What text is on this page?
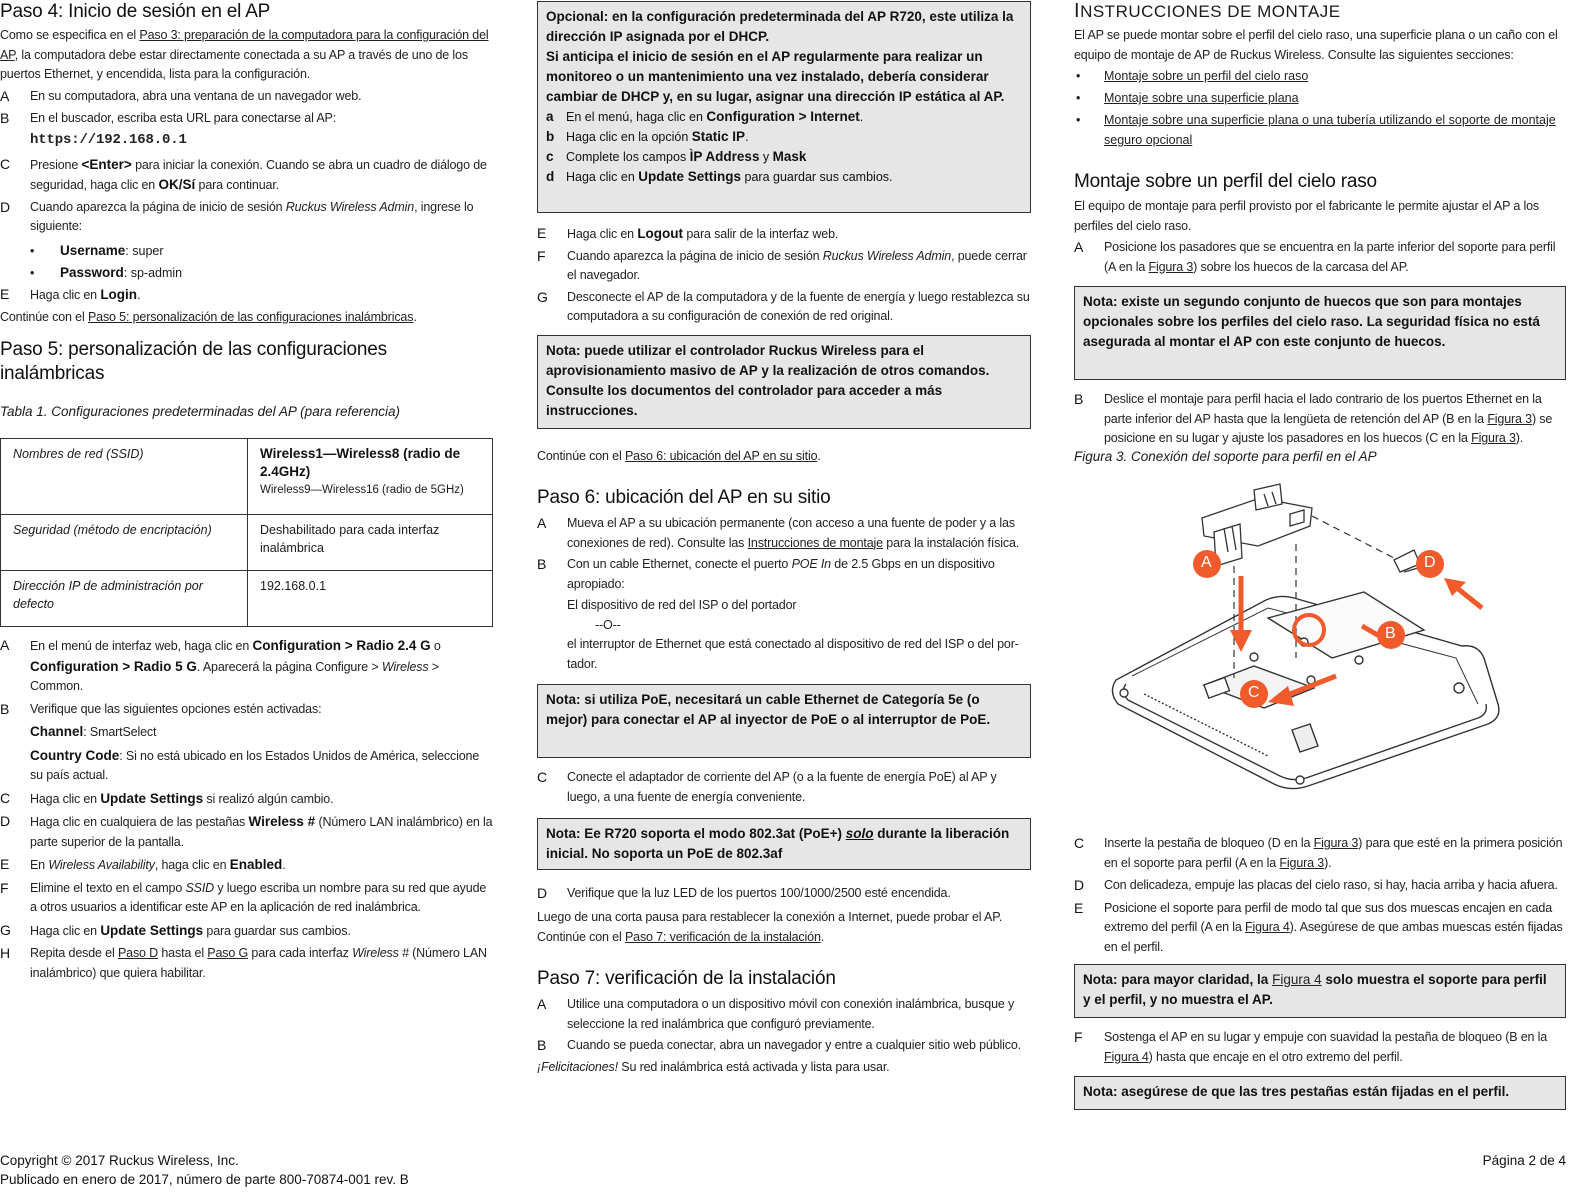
Paso 4: Inicio de sesión en el AP

Como se especifica en el Paso 3: preparación de la computadora para la configuración del AP, la computadora debe estar directamente conectada a su AP a través de uno de los puertos Ethernet, y encendida, lista para la configuración.

A En su computadora, abra una ventana de un navegador web.

B En el buscador, escriba esta URL para conectarse al AP:

https://192.168.0.1

C Presione <Enter> para iniciar la conexión. Cuando se abra un cuadro de diálogo de seguridad, haga clic en OK/Sí para continuar.

D Cuando aparezca la página de inicio de sesión Ruckus Wireless Admin, ingrese lo siguiente:

• Username: super

• Password: sp-admin

E Haga clic en Login.

Continúe con el Paso 5: personalización de las configuraciones inalámbricas.

Paso 5: personalización de las configuraciones inalámbricas

Tabla 1. Configuraciones predeterminadas del AP (para referencia)

Nombres de red (SSID)	Wireless1—Wireless8 (radio de 2.4GHz)
Wireless9—Wireless16 (radio de 5GHz)

Seguridad (método de encriptación)	Deshabilitado para cada interfaz inalámbrica
Dirección IP de administración por defecto	192.168.0.1

A En el menú de interfaz web, haga clic en Configuration > Radio 2.4 G o Configuration > Radio 5 G. Aparecerá la página Configure > Wireless > Common.

B Verifique que las siguientes opciones estén activadas:

Channel: SmartSelect

Country Code: Si no está ubicado en los Estados Unidos de América, seleccione su país actual.

C Haga clic en Update Settings si realizó algún cambio.

D Haga clic en cualquiera de las pestañas Wireless # (Número LAN inalámbrico) en la parte superior de la pantalla.

E En Wireless Availability, haga clic en Enabled.

F Elimine el texto en el campo SSID y luego escriba un nombre para su red que ayude a otros usuarios a identificar este AP en la aplicación de red inalámbrica.

G Haga clic en Update Settings para guardar sus cambios.

H Repita desde el Paso D hasta el Paso G para cada interfaz Wireless # (Número LAN inalámbrico) que quiera habilitar.

Opcional: en la configuración predeterminada del AP R720, este utiliza la dirección IP asignada por el DHCP.
Si anticipa el inicio de sesión en el AP regularmente para realizar un monitoreo o un mantenimiento una vez instalado, debería considerar cambiar de DHCP y, en su lugar, asignar una dirección IP estática al AP.
a En el menú, haga clic en Configuration > Internet.
b Haga clic en la opción Static IP.
c Complete los campos ÌP Address y Mask
d Haga clic en Update Settings para guardar sus cambios.

E Haga clic en Logout para salir de la interfaz web.

F Cuando aparezca la página de inicio de sesión Ruckus Wireless Admin, puede cerrar el navegador.

G Desconecte el AP de la computadora y de la fuente de energía y luego restablezca su computadora a su configuración de conexión de red original.

Nota: puede utilizar el controlador Ruckus Wireless para el aprovisionamiento masivo de AP y la realización de otros comandos. Consulte los documentos del controlador para acceder a más instrucciones.

Continúe con el Paso 6: ubicación del AP en su sitio.

Paso 6: ubicación del AP en su sitio

A Mueva el AP a su ubicación permanente (con acceso a una fuente de poder y a las conexiones de red). Consulte las Instrucciones de montaje para la instalación física.

B Con un cable Ethernet, conecte el puerto POE In de 2.5 Gbps en un dispositivo apropiado:

El dispositivo de red del ISP o del portador

--O--

el interruptor de Ethernet que está conectado al dispositivo de red del ISP o del por-tador.

Nota: si utiliza PoE, necesitará un cable Ethernet de Categoría 5e (o mejor) para conectar el AP al inyector de PoE o al interruptor de PoE.

C Conecte el adaptador de corriente del AP (o a la fuente de energía PoE) al AP y luego, a una fuente de energía conveniente.

Nota: Ee R720 soporta el modo 802.3at (PoE+) solo durante la liberación inicial. No soporta un PoE de 802.3af

D Verifique que la luz LED de los puertos 100/1000/2500 esté encendida.

Luego de una corta pausa para restablecer la conexión a Internet, puede probar el AP. Continúe con el Paso 7: verificación de la instalación.

Paso 7: verificación de la instalación

A Utilice una computadora o un dispositivo móvil con conexión inalámbrica, busque y seleccione la red inalámbrica que configuró previamente.

B Cuando se pueda conectar, abra un navegador y entre a cualquier sitio web público.

¡Felicitaciones! Su red inalámbrica está activada y lista para usar.

INSTRUCCIONES DE MONTAJE

El AP se puede montar sobre el perfil del cielo raso, una superficie plana o un caño con el equipo de montaje de AP de Ruckus Wireless. Consulte las siguientes secciones:

• Montaje sobre un perfil del cielo raso

• Montaje sobre una superficie plana

• Montaje sobre una superficie plana o una tubería utilizando el soporte de montaje seguro opcional

Montaje sobre un perfil del cielo raso

El equipo de montaje para perfil provisto por el fabricante le permite ajustar el AP a los perfiles del cielo raso.

A Posicione los pasadores que se encuentra en la parte inferior del soporte para perfil (A en la Figura 3) sobre los huecos de la carcasa del AP.

Nota: existe un segundo conjunto de huecos que son para montajes opcionales sobre los perfiles del cielo raso. La seguridad física no está asegurada al montar el AP con este conjunto de huecos.

B Deslice el montaje para perfil hacia el lado contrario de los puertos Ethernet en la parte inferior del AP hasta que la lengüeta de retención del AP (B en la Figura 3) se posicione en su lugar y ajuste los pasadores en los huecos (C en la Figura 3).

Figura 3. Conexión del soporte para perfil en el AP

A	D
B
C

C Inserte la pestaña de bloqueo (D en la Figura 3) para que esté en la primera posición en el soporte para perfil (A en la Figura 3).

D Con delicadeza, empuje las placas del cielo raso, si hay, hacia arriba y hacia afuera.

E Posicione el soporte para perfil de modo tal que sus dos muescas encajen en cada extremo del perfil (A en la Figura 4). Asegúrese de que ambas muescas estén fijadas en el perfil.

Nota: para mayor claridad, la Figura 4 solo muestra el soporte para perfil y el perfil, y no muestra el AP.

F Sostenga el AP en su lugar y empuje con suavidad la pestaña de bloqueo (B en la Figura 4) hasta que encaje en el otro extremo del perfil.

Nota: asegúrese de que las tres pestañas están fijadas en el perfil.
Copyright © 2017 Ruckus Wireless, Inc.
Publicado en enero de 2017, número de parte 800-70874-001 rev. B
Página 2 de 4
